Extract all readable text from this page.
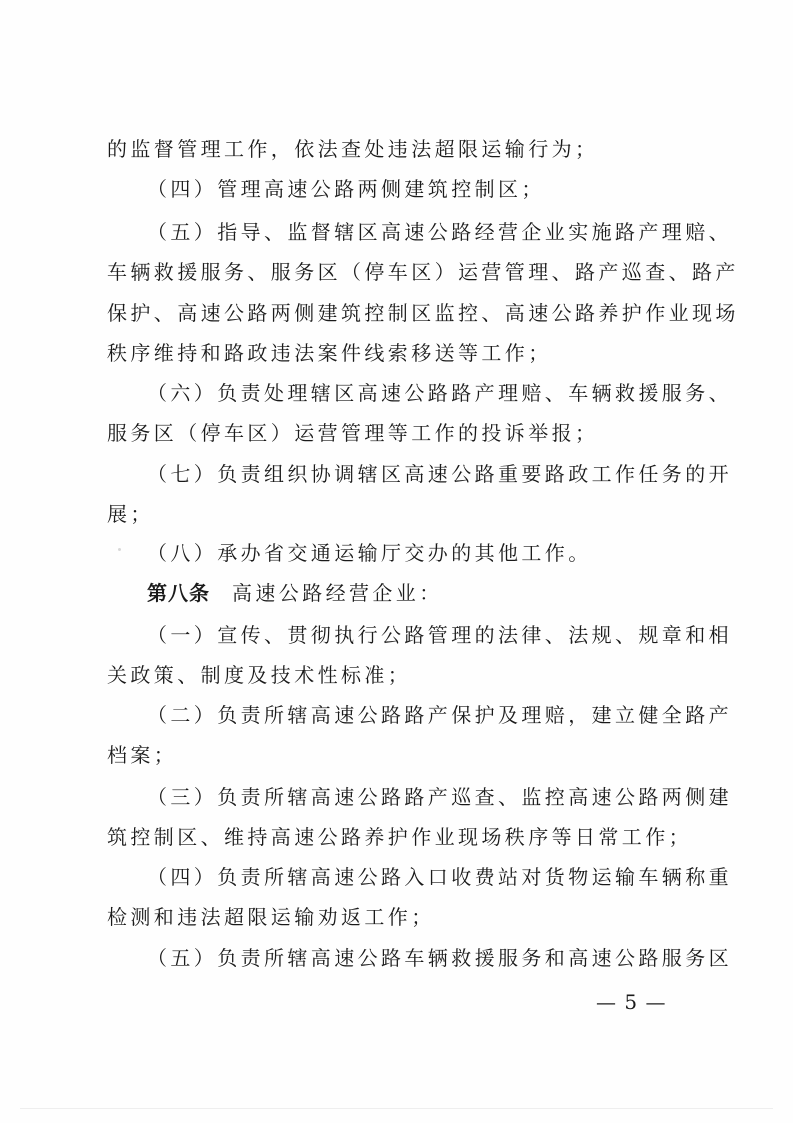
的监督管理工作，依法查处违法超限运输行为；
（四）管理高速公路两侧建筑控制区；
（五）指导、监督辖区高速公路经营企业实施路产理赔、
车辆救援服务、服务区（停车区）运营管理、路产巡查、路产
保护、高速公路两侧建筑控制区监控、高速公路养护作业现场
秩序维持和路政违法案件线索移送等工作；
（六）负责处理辖区高速公路路产理赔、车辆救援服务、
服务区（停车区）运营管理等工作的投诉举报；
（七）负责组织协调辖区高速公路重要路政工作任务的开
展；
（八）承办省交通运输厅交办的其他工作。
第八条 高速公路经营企业：
（一）宣传、贯彻执行公路管理的法律、法规、规章和相
关政策、制度及技术性标准；
（二）负责所辖高速公路路产保护及理赔，建立健全路产
档案；
（三）负责所辖高速公路路产巡查、监控高速公路两侧建
筑控制区、维持高速公路养护作业现场秩序等日常工作；
（四）负责所辖高速公路入口收费站对货物运输车辆称重
检测和违法超限运输劝返工作；
（五）负责所辖高速公路车辆救援服务和高速公路服务区
— 5 —
